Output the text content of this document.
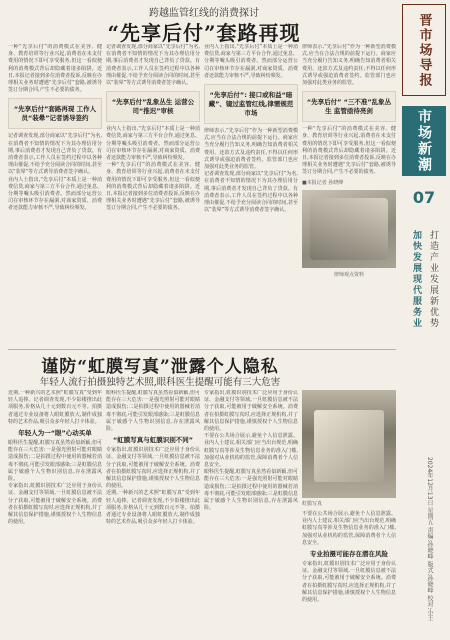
晋市场导报
市场新潮
07
加快发展现代服务业 打造产业发展新优势
2024年12月13日 星期五 责编:孙晓峰 版式:孙晓峰 校对:小王
跨越监管红线的消费探讨
“先享后付”套路再现
一种“先享后付”的消费模式在美容、健身、教育培训等行业兴起,消费者在未支付费用的情况下即可享受服务,但这一看似便利的消费模式背后却隐藏着诸多陷阱。近日,本报记者接到多位消费者投诉,反映在办理相关业务时遭遇“先享后付”套路,被诱导签订分期合同,产生不必要的债务。
“先享后付”套路再现 工作人员“装晕”记者诱导签约
记者调查发现,部分商家以“先享后付”为名,在消费者不知情的情况下为其办理信用分期,事后消费者才发现自己背负了贷款。有消费者表示,工作人员在签约过程中以各种理由催促,不给予充分阅读合同的时间,甚至以“装晕”等方式诱导消费者签字确认。
业内人士指出,“先享后付”本质上是一种消费信贷,商家与第三方平台合作,通过免息、分期等噱头吸引消费者。然而部分运营公司在审核环节存在漏洞,对商家资质、消费者还款能力审核不严,导致纠纷频发。
记者调查发现,部分商家以“先享后付”为名,在消费者不知情的情况下为其办理信用分期,事后消费者才发现自己背负了贷款。有消费者表示,工作人员在签约过程中以各种理由催促,不给予充分阅读合同的时间,甚至以“装晕”等方式诱导消费者签字确认。
“先享后付”乱象丛生 运营公司“推迟”审核
业内人士指出,“先享后付”本质上是一种消费信贷,商家与第三方平台合作,通过免息、分期等噱头吸引消费者。然而部分运营公司在审核环节存在漏洞,对商家资质、消费者还款能力审核不严,导致纠纷频发。
一种“先享后付”的消费模式在美容、健身、教育培训等行业兴起,消费者在未支付费用的情况下即可享受服务,但这一看似便利的消费模式背后却隐藏着诸多陷阱。近日,本报记者接到多位消费者投诉,反映在办理相关业务时遭遇“先享后付”套路,被诱导签订分期合同,产生不必要的债务。
业内人士指出,“先享后付”本质上是一种消费信贷,商家与第三方平台合作,通过免息、分期等噱头吸引消费者。然而部分运营公司在审核环节存在漏洞,对商家资质、消费者还款能力审核不严,导致纠纷频发。
“先享后付”: 接口或和益“暗藏”、镜过监管红线,律需规范市场
律师表示,“先享后付”作为一种新型消费模式,应当在合法合规的前提下运行。商家应当充分履行告知义务,明确告知消费者相关费用、还款方式及违约责任,不得以任何形式诱导或强迫消费者签约。监管部门也应加强对此类业务的监管。
记者调查发现,部分商家以“先享后付”为名,在消费者不知情的情况下为其办理信用分期,事后消费者才发现自己背负了贷款。有消费者表示,工作人员在签约过程中以各种理由催促,不给予充分阅读合同的时间,甚至以“装晕”等方式诱导消费者签字确认。
律师表示,“先享后付”作为一种新型消费模式,应当在合法合规的前提下运行。商家应当充分履行告知义务,明确告知消费者相关费用、还款方式及违约责任,不得以任何形式诱导或强迫消费者签约。监管部门也应加强对此类业务的监管。
“先享后付” “三不准”乱象丛生 监管亟待亮剑
一种“先享后付”的消费模式在美容、健身、教育培训等行业兴起,消费者在未支付费用的情况下即可享受服务,但这一看似便利的消费模式背后却隐藏着诸多陷阱。近日,本报记者接到多位消费者投诉,反映在办理相关业务时遭遇“先享后付”套路,被诱导签订分期合同,产生不必要的债务。
■本报记者 孙晓峰
律师观点资料
谨防“虹膜写真”泄露个人隐私
年轻人流行拍摄独特艺术照,眼科医生提醒可能有三大危害
近期,一种新兴的艺术照“虹膜写真”受到年轻人追捧。记者调查发现,不少影楼推出此项服务,价格从几十元到数百元不等。拍摄者通过专业设备将人眼虹膜放大,制作成独特的艺术作品,吸引众多年轻人打卡体验。
年轻人为一“眼”心动买单
眼科医生提醒,虹膜写真虽然看似新颖,但可能存在三大危害:一是强光照射可能对眼睛造成损伤;二是拍摄过程中使用的器械若消毒不彻底,可能引发眼部感染;三是虹膜信息属于敏感个人生物识别信息,存在泄露风险。
专家指出,虹膜识别技术广泛应用于身份认证、金融支付等领域,一旦虹膜信息被不法分子获取,可能被用于破解安全系统。消费者在拍摄虹膜写真时,应选择正规机构,并了解其信息保护措施,谨慎授权个人生物信息的使用。
眼科医生提醒,虹膜写真虽然看似新颖,但可能存在三大危害:一是强光照射可能对眼睛造成损伤;二是拍摄过程中使用的器械若消毒不彻底,可能引发眼部感染;三是虹膜信息属于敏感个人生物识别信息,存在泄露风险。
“虹膜写真与虹膜识别不同”
专家指出,虹膜识别技术广泛应用于身份认证、金融支付等领域,一旦虹膜信息被不法分子获取,可能被用于破解安全系统。消费者在拍摄虹膜写真时,应选择正规机构,并了解其信息保护措施,谨慎授权个人生物信息的使用。
近期,一种新兴的艺术照“虹膜写真”受到年轻人追捧。记者调查发现,不少影楼推出此项服务,价格从几十元到数百元不等。拍摄者通过专业设备将人眼虹膜放大,制作成独特的艺术作品,吸引众多年轻人打卡体验。
专家指出,虹膜识别技术广泛应用于身份认证、金融支付等领域,一旦虹膜信息被不法分子获取,可能被用于破解安全系统。消费者在拍摄虹膜写真时,应选择正规机构,并了解其信息保护措施,谨慎授权个人生物信息的使用。
不要在公共场合展示,避免个人信息泄露。业内人士建议,相关部门应当出台规范,明确虹膜写真等涉及生物信息业务的准入门槛,加强对从业机构的监管,保障消费者个人信息安全。
眼科医生提醒,虹膜写真虽然看似新颖,但可能存在三大危害:一是强光照射可能对眼睛造成损伤;二是拍摄过程中使用的器械若消毒不彻底,可能引发眼部感染;三是虹膜信息属于敏感个人生物识别信息,存在泄露风险。
虹膜写真
不要在公共场合展示,避免个人信息泄露。业内人士建议,相关部门应当出台规范,明确虹膜写真等涉及生物信息业务的准入门槛,加强对从业机构的监管,保障消费者个人信息安全。
专业拍摄可能存在潜在风险
专家指出,虹膜识别技术广泛应用于身份认证、金融支付等领域,一旦虹膜信息被不法分子获取,可能被用于破解安全系统。消费者在拍摄虹膜写真时,应选择正规机构,并了解其信息保护措施,谨慎授权个人生物信息的使用。
